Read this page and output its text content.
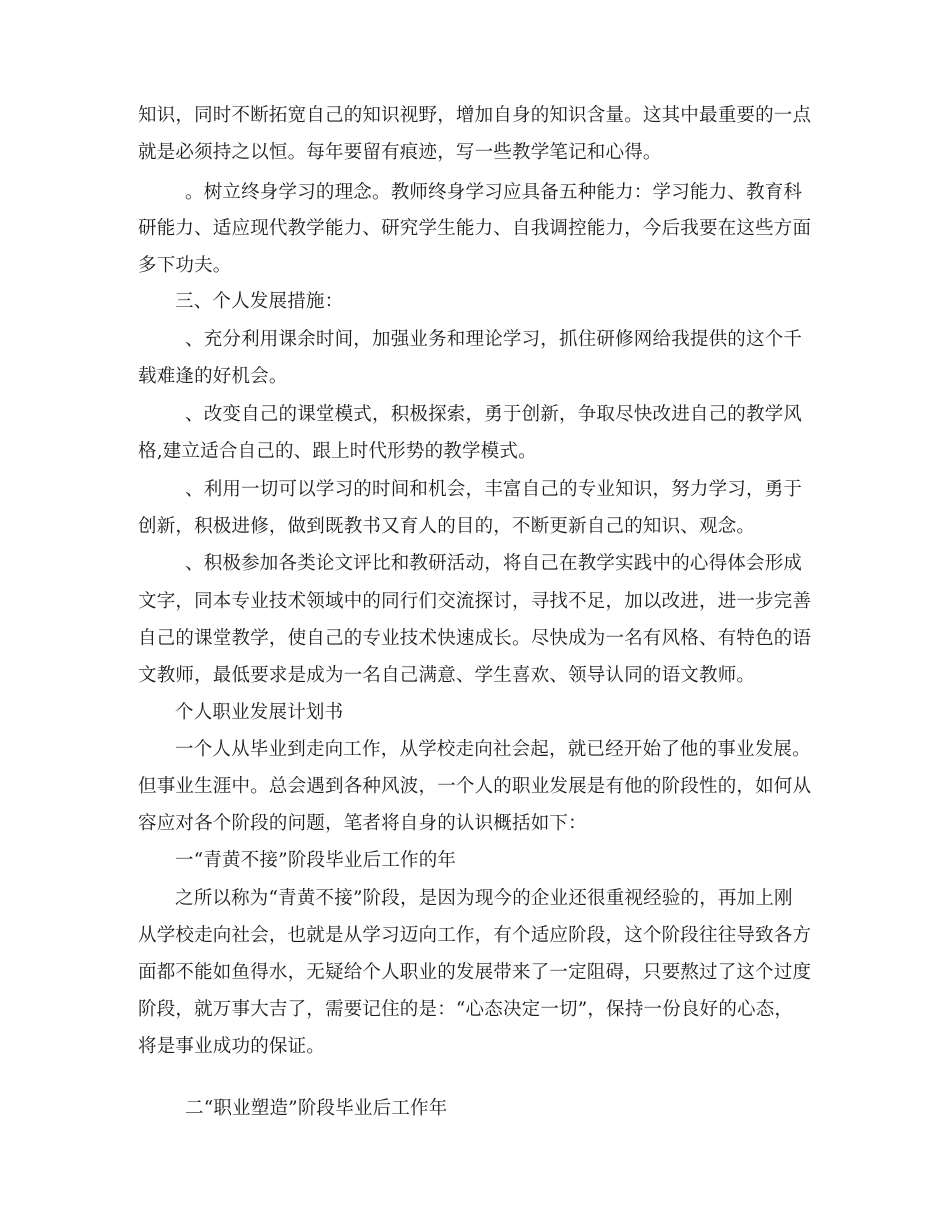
知识，同时不断拓宽自己的知识视野，增加自身的知识含量。这其中最重要的一点
就是必须持之以恒。每年要留有痕迹，写一些教学笔记和心得。
。树立终身学习的理念。教师终身学习应具备五种能力：学习能力、教育科
研能力、适应现代教学能力、研究学生能力、自我调控能力，今后我要在这些方面
多下功夫。
三、个人发展措施：
、充分利用课余时间，加强业务和理论学习，抓住研修网给我提供的这个千
载难逢的好机会。
、改变自己的课堂模式，积极探索，勇于创新，争取尽快改进自己的教学风
格,建立适合自己的、跟上时代形势的教学模式。
、利用一切可以学习的时间和机会，丰富自己的专业知识，努力学习，勇于
创新，积极进修，做到既教书又育人的目的，不断更新自己的知识、观念。
、积极参加各类论文评比和教研活动，将自己在教学实践中的心得体会形成
文字，同本专业技术领域中的同行们交流探讨，寻找不足，加以改进，进一步完善
自己的课堂教学，使自己的专业技术快速成长。尽快成为一名有风格、有特色的语
文教师，最低要求是成为一名自己满意、学生喜欢、领导认同的语文教师。
个人职业发展计划书
一个人从毕业到走向工作，从学校走向社会起，就已经开始了他的事业发展。
但事业生涯中。总会遇到各种风波，一个人的职业发展是有他的阶段性的，如何从
容应对各个阶段的问题，笔者将自身的认识概括如下：
一“青黄不接”阶段毕业后工作的年
之所以称为“青黄不接”阶段，是因为现今的企业还很重视经验的，再加上刚
从学校走向社会，也就是从学习迈向工作，有个适应阶段，这个阶段往往导致各方
面都不能如鱼得水，无疑给个人职业的发展带来了一定阻碍，只要熬过了这个过度
阶段，就万事大吉了，需要记住的是：“心态决定一切”，保持一份良好的心态，
将是事业成功的保证。
二“职业塑造”阶段毕业后工作年
